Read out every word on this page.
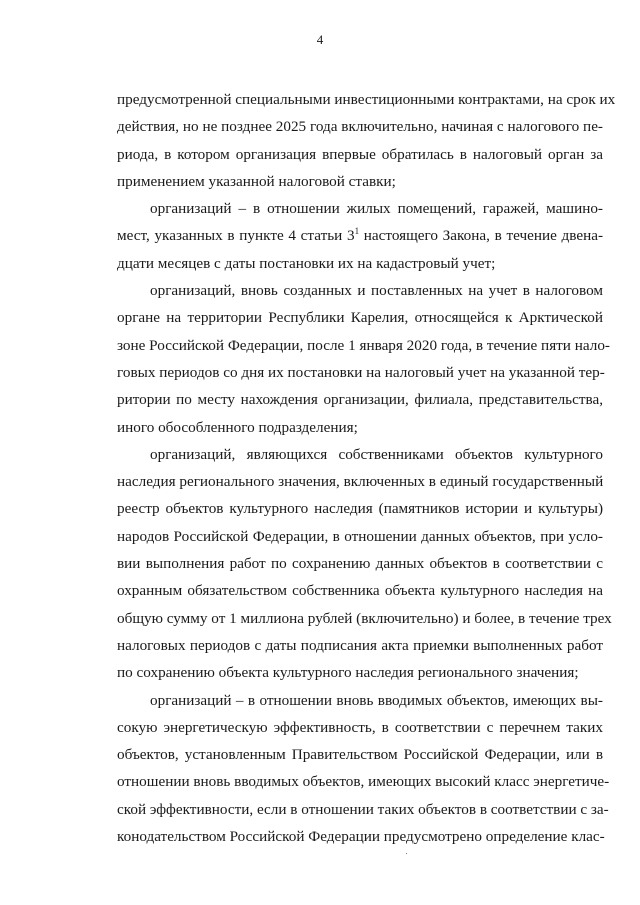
4
предусмотренной специальными инвестиционными контрактами, на срок их
действия, но не позднее 2025 года включительно, начиная с налогового пе-
риода, в котором организация впервые обратилась в налоговый орган за
применением указанной налоговой ставки;
организаций – в отношении жилых помещений, гаражей, машино-
мест, указанных в пункте 4 статьи $3^1$ настоящего Закона, в течение двена-
дцати месяцев с даты постановки их на кадастровый учет;
организаций, вновь созданных и поставленных на учет в налоговом
органе на территории Республики Карелия, относящейся к Арктической
зоне Российской Федерации, после 1 января 2020 года, в течение пяти нало-
говых периодов со дня их постановки на налоговый учет на указанной тер-
ритории по месту нахождения организации, филиала, представительства,
иного обособленного подразделения;
организаций, являющихся собственниками объектов культурного
наследия регионального значения, включенных в единый государственный
реестр объектов культурного наследия (памятников истории и культуры)
народов Российской Федерации, в отношении данных объектов, при усло-
вии выполнения работ по сохранению данных объектов в соответствии с
охранным обязательством собственника объекта культурного наследия на
общую сумму от 1 миллиона рублей (включительно) и более, в течение трех
налоговых периодов с даты подписания акта приемки выполненных работ
по сохранению объекта культурного наследия регионального значения;
организаций – в отношении вновь вводимых объектов, имеющих вы-
сокую энергетическую эффективность, в соответствии с перечнем таких
объектов, установленным Правительством Российской Федерации, или в
отношении вновь вводимых объектов, имеющих высокий класс энергетиче-
ской эффективности, если в отношении таких объектов в соответствии с за-
конодательством Российской Федерации предусмотрено определение клас-
